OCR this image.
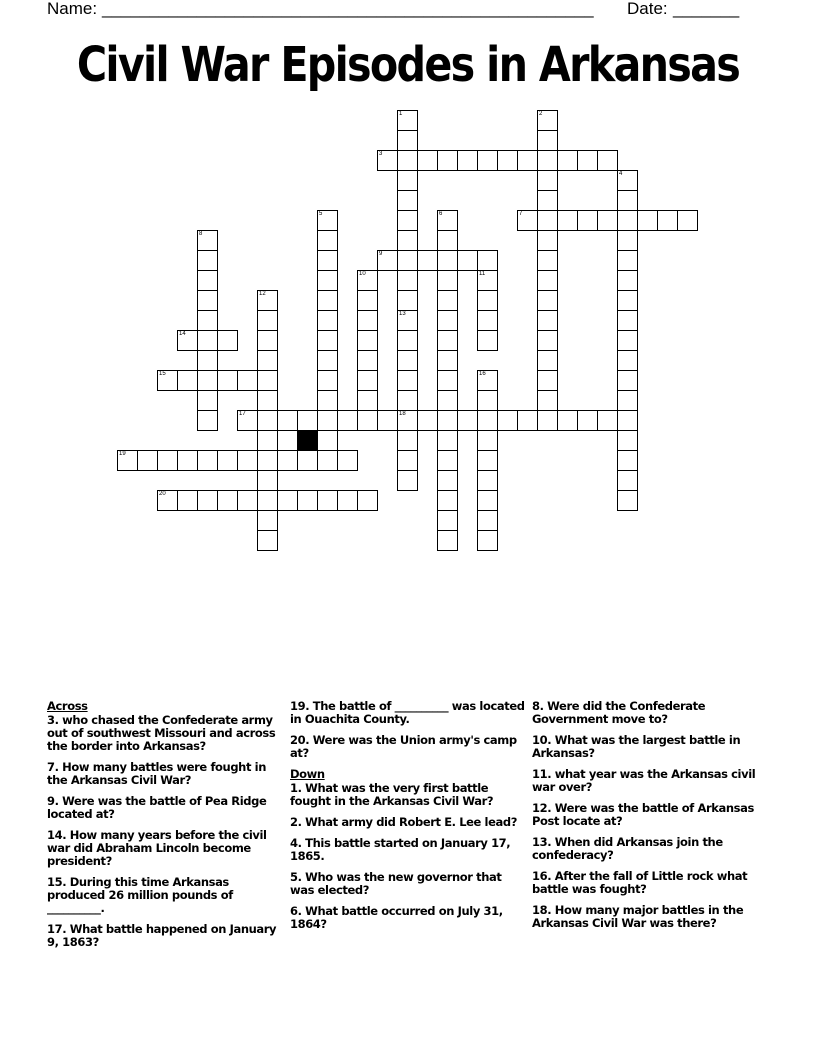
Name: ____________________________________________________ Date: _______
Civil War Episodes in Arkansas
1
13
18
2
3
4
5	6	7
8
9
10	11
12
14
15	16
17
19
20
Across
3. who chased the Confederate army out of southwest Missouri and across the border into Arkansas?
7. How many battles were fought in the Arkansas Civil War?
9. Were was the battle of Pea Ridge located at?
14. How many years before the civil war did Abraham Lincoln become president?
15. During this time Arkansas produced 26 million pounds of __________.
17. What battle happened on January 9, 1863?
19. The battle of __________ was located in Ouachita County.
20. Were was the Union army's camp at?
Down
1. What was the very first battle fought in the Arkansas Civil War?
2. What army did Robert E. Lee lead?
4. This battle started on January 17, 1865.
5. Who was the new governor that was elected?
6. What battle occurred on July 31, 1864?
8. Were did the Confederate Government move to?
10. What was the largest battle in Arkansas?
11. what year was the Arkansas civil war over?
12. Were was the battle of Arkansas Post locate at?
13. When did Arkansas join the confederacy?
16. After the fall of Little rock what battle was fought?
18. How many major battles in the Arkansas Civil War was there?
